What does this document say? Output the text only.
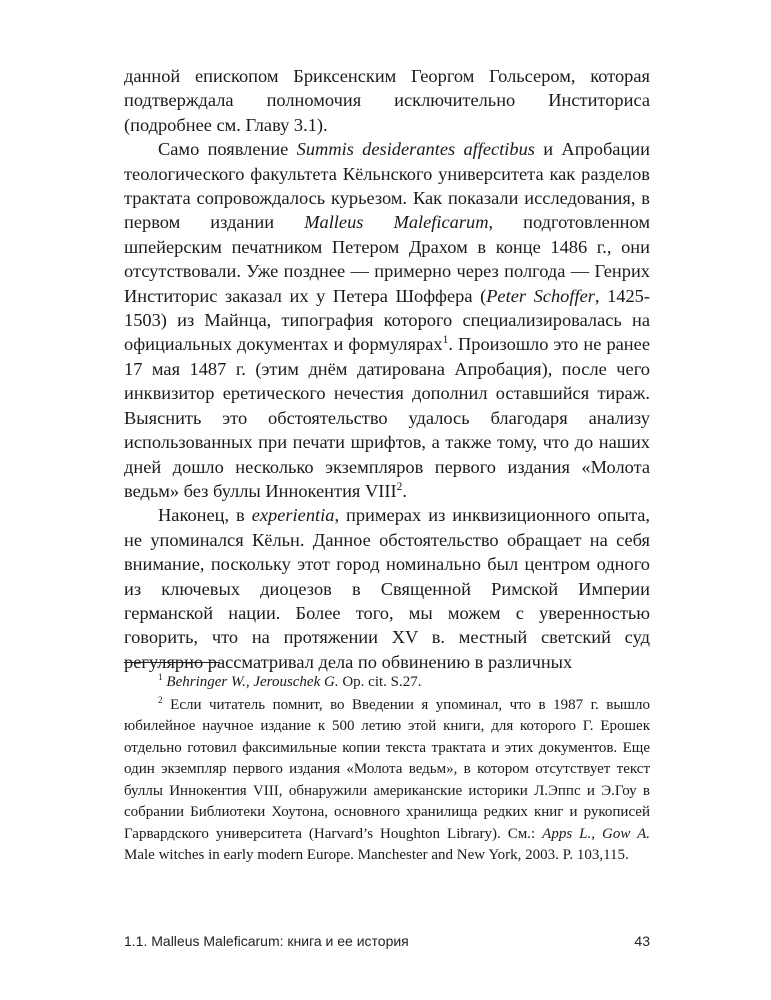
данной епископом Бриксенским Георгом Гольсером, которая подтверждала полномочия исключительно Инститориса (подробнее см. Главу 3.1).

Само появление Summis desiderantes affectibus и Апробации теологического факультета Кёльнского университета как разделов трактата сопровождалось курьезом. Как показали исследования, в первом издании Malleus Maleficarum, подготовленном шпейерским печатником Петером Драхом в конце 1486 г., они отсутствовали. Уже позднее — примерно через полгода — Генрих Инститорис заказал их у Петера Шоффера (Peter Schoffer, 1425-1503) из Майнца, типография которого специализировалась на официальных документах и формулярах$^1$. Произошло это не ранее 17 мая 1487 г. (этим днём датирована Апробация), после чего инквизитор еретического нечестия дополнил оставшийся тираж. Выяснить это обстоятельство удалось благодаря анализу использованных при печати шрифтов, а также тому, что до наших дней дошло несколько экземпляров первого издания «Молота ведьм» без буллы Иннокентия VIII$^2$.

Наконец, в experientia, примерах из инквизиционного опыта, не упоминался Кёльн. Данное обстоятельство обращает на себя внимание, поскольку этот город номинально был центром одного из ключевых диоцезов в Священной Римской Империи германской нации. Более того, мы можем с уверенностью говорить, что на протяжении XV в. местный светский суд регулярно рассматривал дела по обвинению в различных

$^1$ Behringer W., Jerouschek G. Op. cit. S.27.

$^2$ Если читатель помнит, во Введении я упоминал, что в 1987 г. вышло юбилейное научное издание к 500 летию этой книги, для которого Г. Ерошек отдельно готовил факсимильные копии текста трактата и этих документов. Еще один экземпляр первого издания «Молота ведьм», в котором отсутствует текст буллы Иннокентия VIII, обнаружили американские историки Л.Эппс и Э.Гоу в собрании Библиотеки Хоутона, основного хранилища редких книг и рукописей Гарвардского университета (Harvard’s Houghton Library). См.: Apps L., Gow A. Male witches in early modern Europe. Manchester and New York, 2003. P. 103,115.

1.1. Malleus Maleficarum: книга и ее история	43
